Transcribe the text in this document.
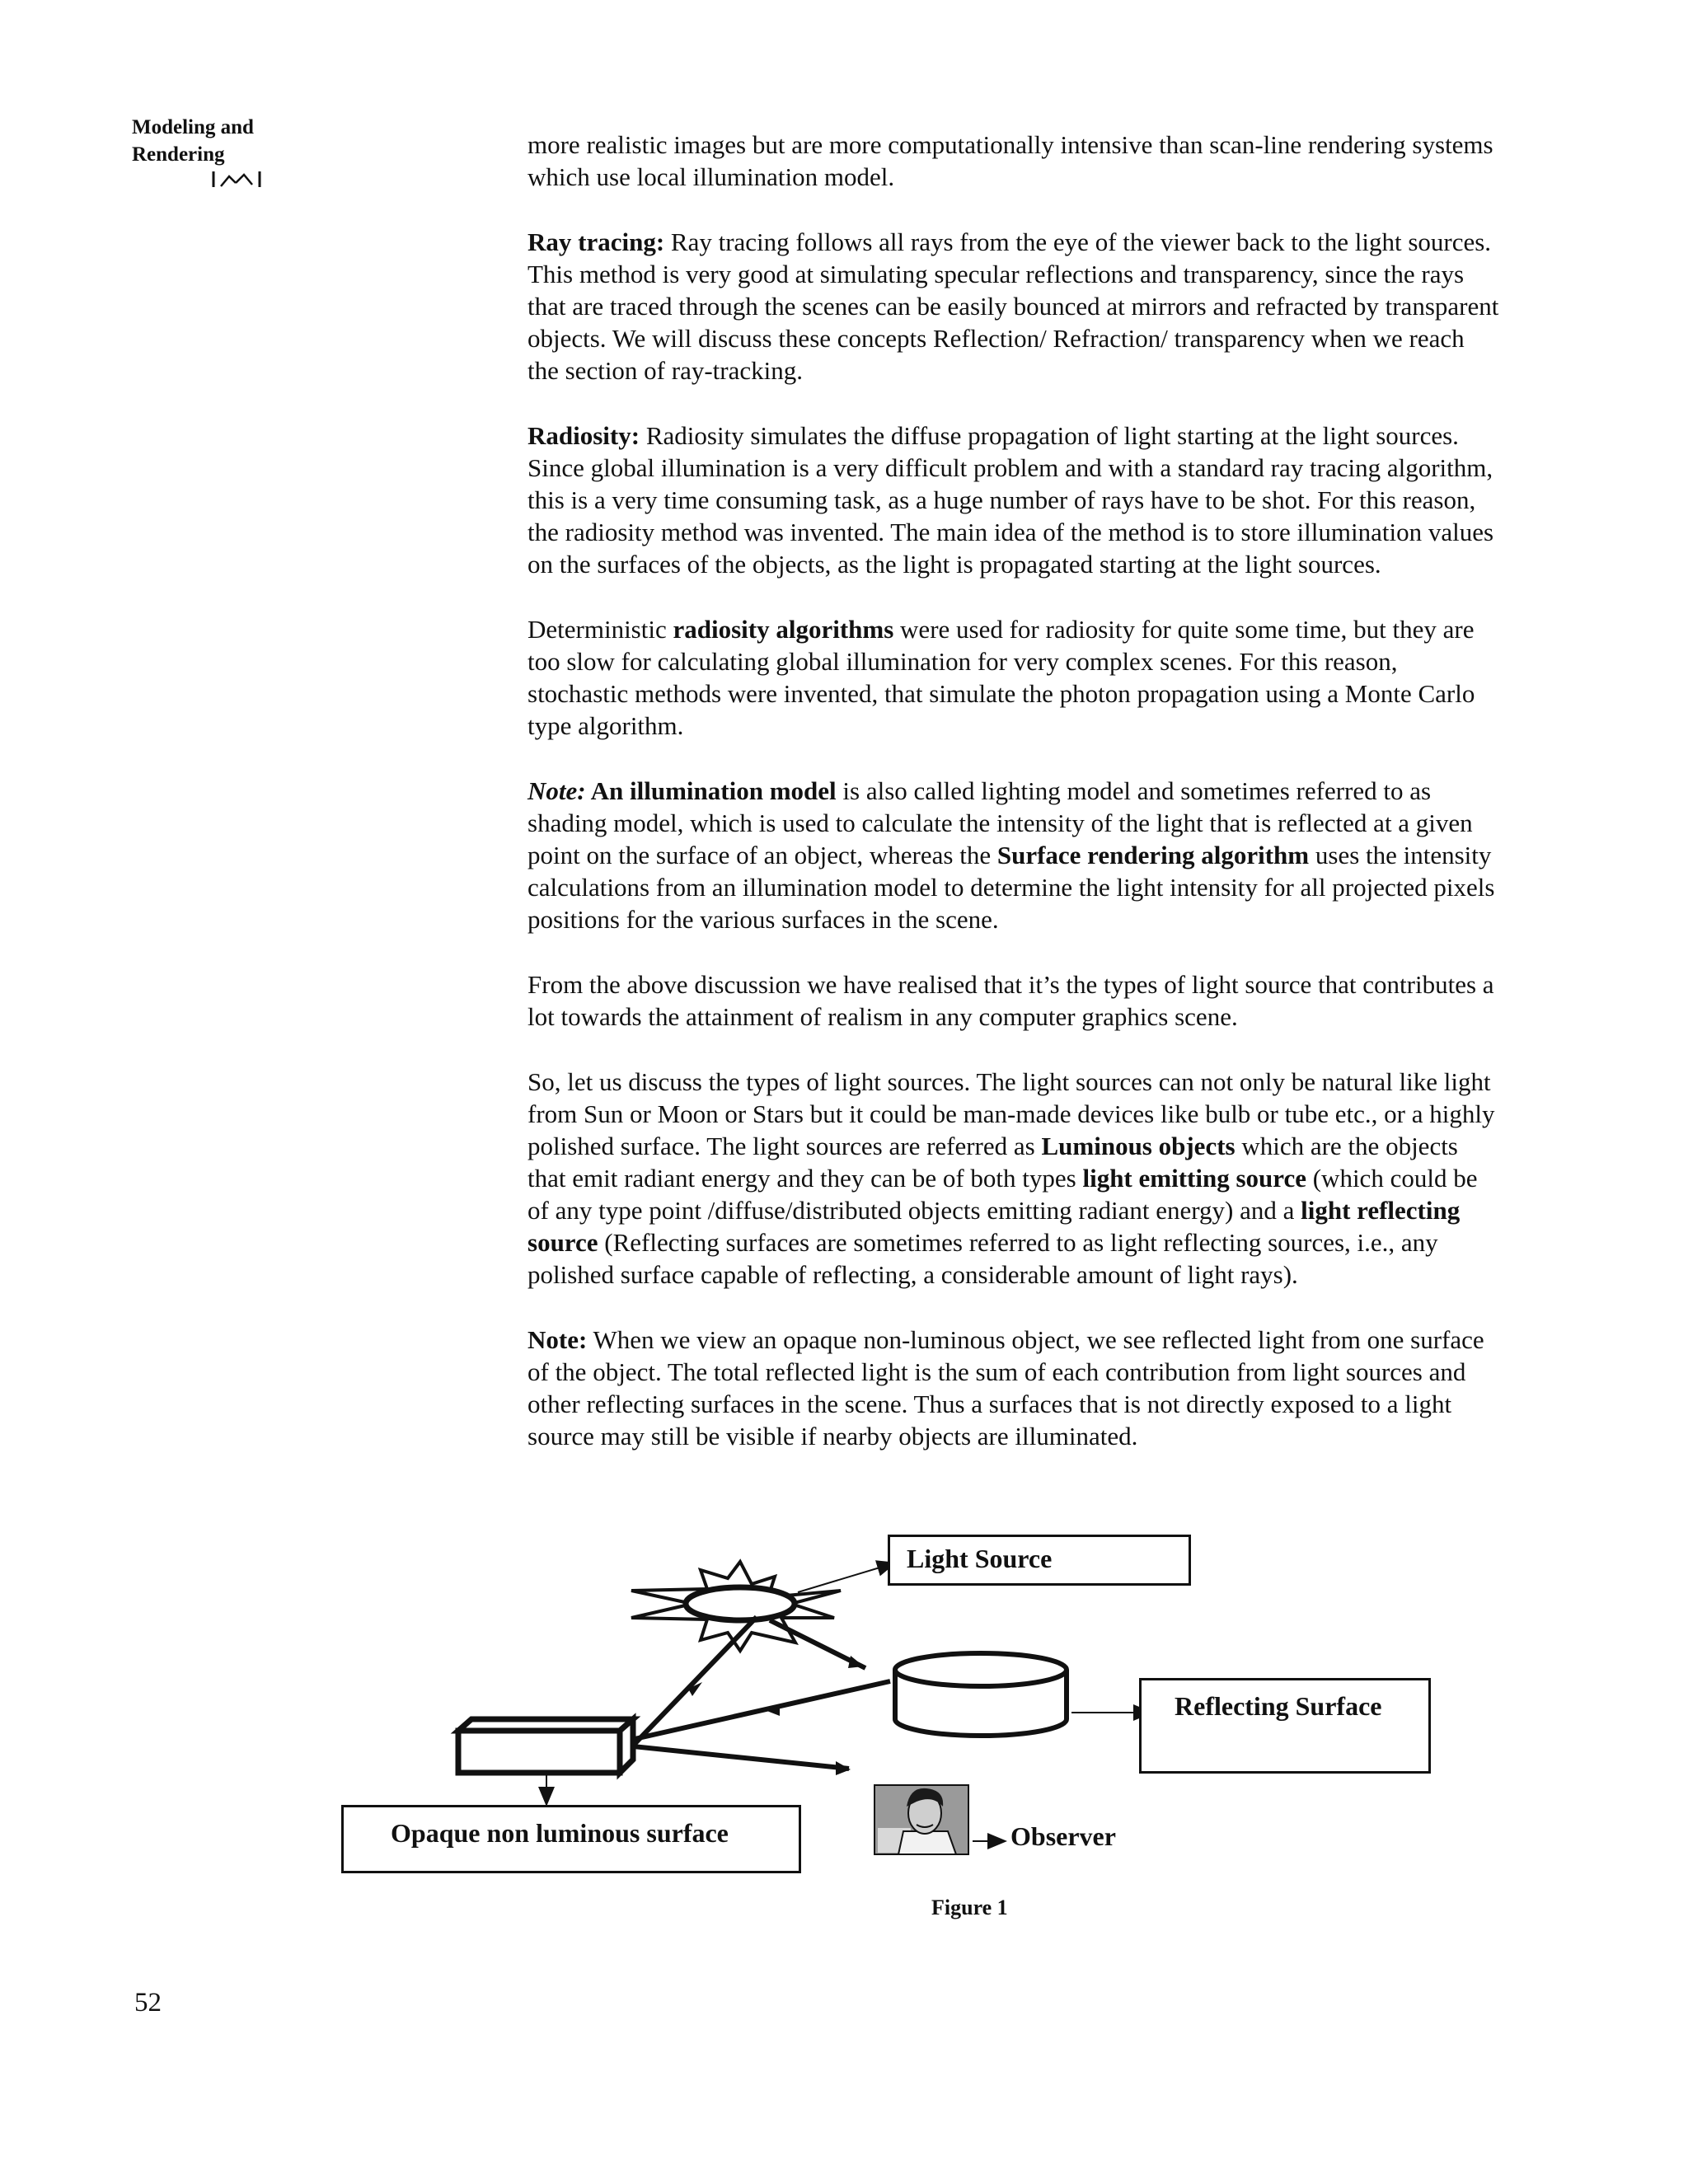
Modeling and
Rendering	more realistic images but are more computationally intensive than scan-line rendering systems which use local illumination model.

Ray tracing: Ray tracing follows all rays from the eye of the viewer back to the light sources. This method is very good at simulating specular reflections and transparency, since the rays that are traced through the scenes can be easily bounced at mirrors and refracted by transparent objects. We will discuss these concepts Reflection/ Refraction/ transparency when we reach the section of ray-tracking.

Radiosity: Radiosity simulates the diffuse propagation of light starting at the light sources. Since global illumination is a very difficult problem and with a standard ray tracing algorithm, this is a very time consuming task, as a huge number of rays have to be shot. For this reason, the radiosity method was invented. The main idea of the method is to store illumination values on the surfaces of the objects, as the light is propagated starting at the light sources.

Deterministic radiosity algorithms were used for radiosity for quite some time, but they are too slow for calculating global illumination for very complex scenes. For this reason, stochastic methods were invented, that simulate the photon propagation using a Monte Carlo type algorithm.

Note: An illumination model is also called lighting model and sometimes referred to as shading model, which is used to calculate the intensity of the light that is reflected at a given point on the surface of an object, whereas the Surface rendering algorithm uses the intensity calculations from an illumination model to determine the light intensity for all projected pixels positions for the various surfaces in the scene.

From the above discussion we have realised that it’s the types of light source that contributes a lot towards the attainment of realism in any computer graphics scene.

So, let us discuss the types of light sources. The light sources can not only be natural like light from Sun or Moon or Stars but it could be man-made devices like bulb or tube etc., or a highly polished surface. The light sources are referred as Luminous objects which are the objects that emit radiant energy and they can be of both types light emitting source (which could be of any type point /diffuse/distributed objects emitting radiant energy) and a light reflecting source (Reflecting surfaces are sometimes referred to as light reflecting sources, i.e., any polished surface capable of reflecting, a considerable amount of light rays).

Note: When we view an opaque non-luminous object, we see reflected light from one surface of the object. The total reflected light is the sum of each contribution from light sources and other reflecting surfaces in the scene. Thus a surfaces that is not directly exposed to a light source may still be visible if nearby objects are illuminated.

Light Source
Reflecting Surface
Opaque non luminous surface	Observer
Figure 1
52
